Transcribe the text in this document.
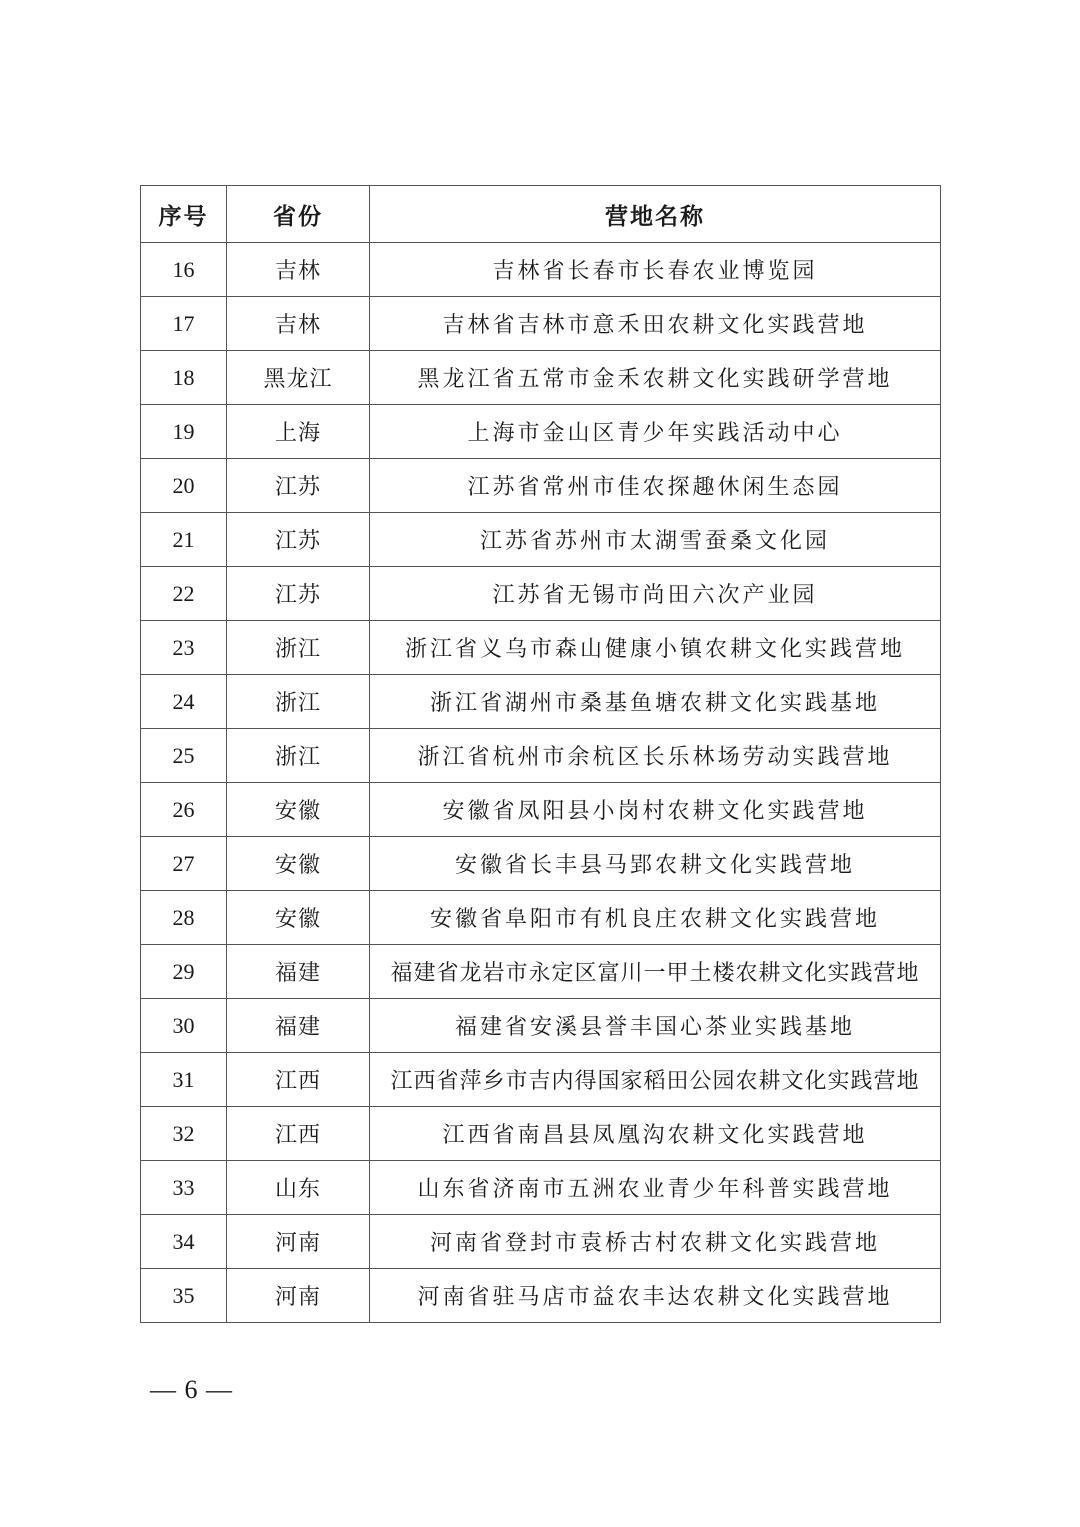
序号	省份	营地名称
16	吉林	吉林省长春市长春农业博览园
17	吉林	吉林省吉林市意禾田农耕文化实践营地
18	黑龙江	黑龙江省五常市金禾农耕文化实践研学营地
19	上海	上海市金山区青少年实践活动中心
20	江苏	江苏省常州市佳农探趣休闲生态园
21	江苏	江苏省苏州市太湖雪蚕桑文化园
22	江苏	江苏省无锡市尚田六次产业园
23	浙江	浙江省义乌市森山健康小镇农耕文化实践营地
24	浙江	浙江省湖州市桑基鱼塘农耕文化实践基地
25	浙江	浙江省杭州市余杭区长乐林场劳动实践营地
26	安徽	安徽省凤阳县小岗村农耕文化实践营地
27	安徽	安徽省长丰县马郢农耕文化实践营地
28	安徽	安徽省阜阳市有机良庄农耕文化实践营地
29	福建	福建省龙岩市永定区富川一甲土楼农耕文化实践营地
30	福建	福建省安溪县誉丰国心茶业实践基地
31	江西	江西省萍乡市吉内得国家稻田公园农耕文化实践营地
32	江西	江西省南昌县凤凰沟农耕文化实践营地
33	山东	山东省济南市五洲农业青少年科普实践营地
34	河南	河南省登封市袁桥古村农耕文化实践营地
35	河南	河南省驻马店市益农丰达农耕文化实践营地
— 6 —
